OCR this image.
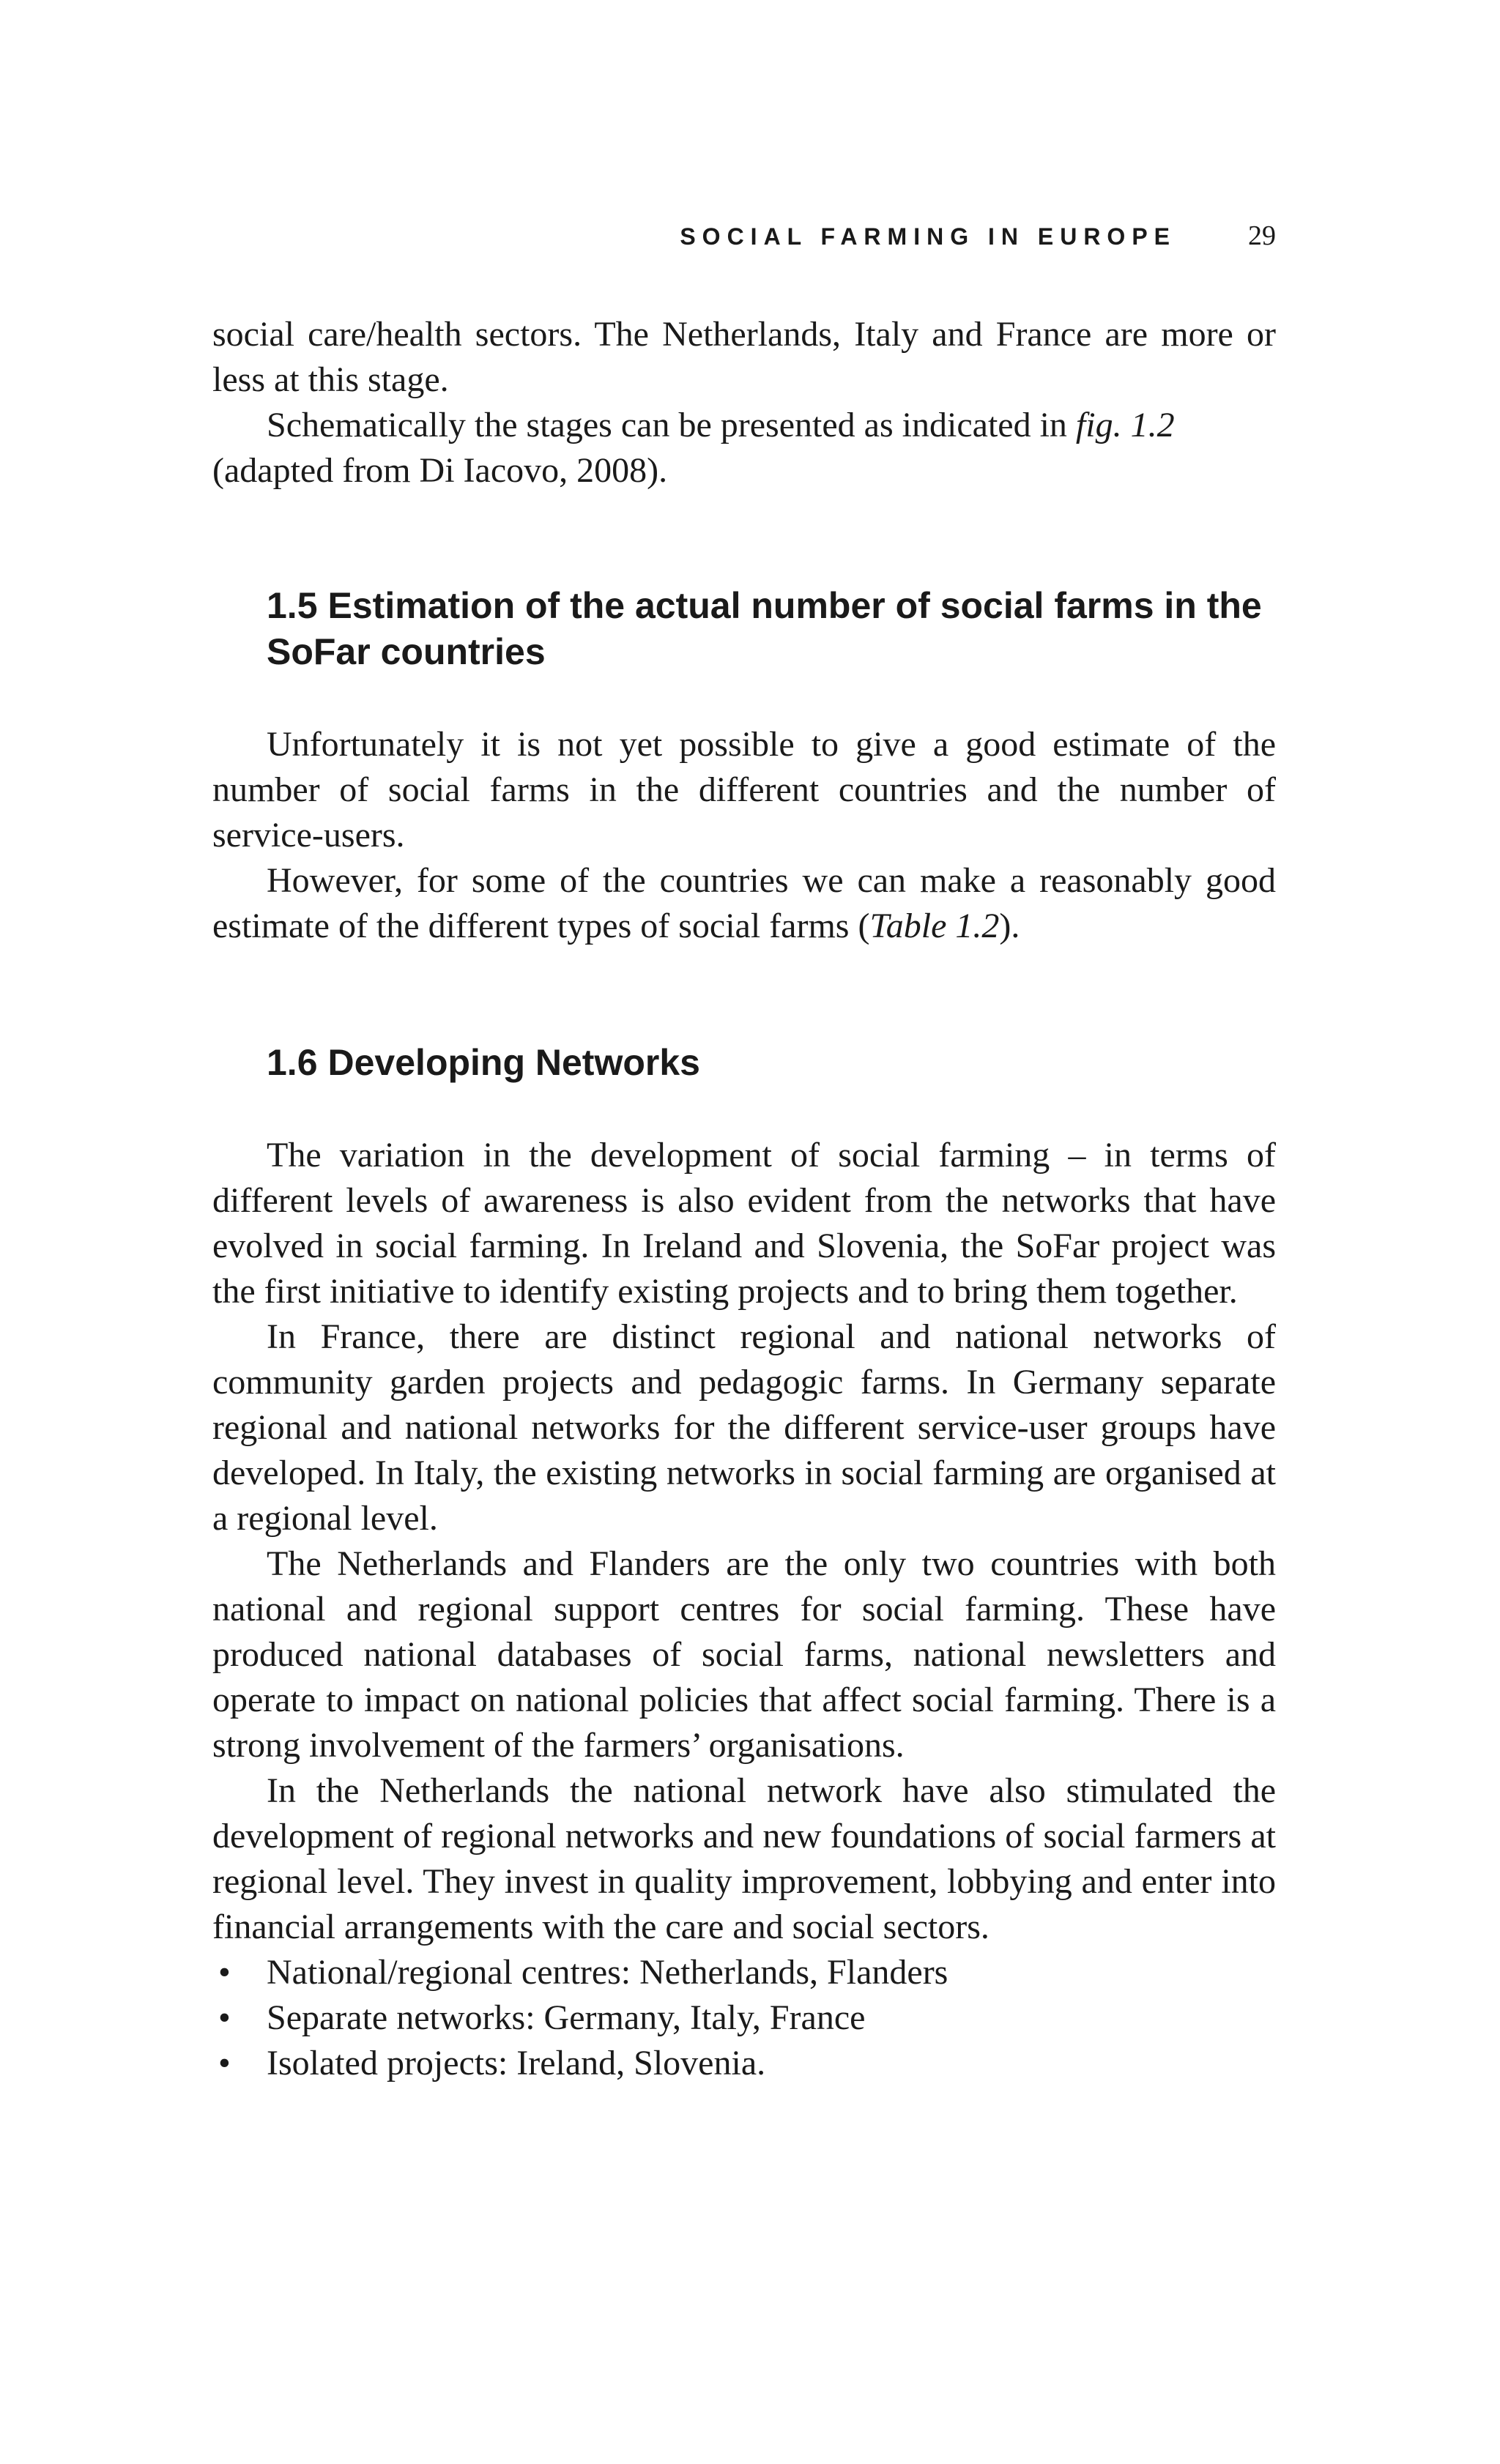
SOCIAL FARMING IN EUROPE	29

social care/health sectors. The Netherlands, Italy and France are more or less at this stage.

Schematically the stages can be presented as indicated in fig. 1.2
(adapted from Di Iacovo, 2008).

1.5 Estimation of the actual number of social farms in the SoFar countries

Unfortunately it is not yet possible to give a good estimate of the number of social farms in the different countries and the number of service-users.

However, for some of the countries we can make a reasonably good estimate of the different types of social farms (Table 1.2).

1.6 Developing Networks

The variation in the development of social farming – in terms of different levels of awareness is also evident from the networks that have evolved in social farming. In Ireland and Slovenia, the SoFar project was the first initiative to identify existing projects and to bring them together.

In France, there are distinct regional and national networks of community garden projects and pedagogic farms. In Germany separate regional and national networks for the different service-user groups have developed. In Italy, the existing networks in social farming are organised at a regional level.

The Netherlands and Flanders are the only two countries with both national and regional support centres for social farming. These have produced national databases of social farms, national newsletters and operate to impact on national policies that affect social farming. There is a strong involvement of the farmers’ organisations.

In the Netherlands the national network have also stimulated the development of regional networks and new foundations of social farmers at regional level. They invest in quality improvement, lobbying and enter into financial arrangements with the care and social sectors.

• National/regional centres: Netherlands, Flanders
• Separate networks: Germany, Italy, France
• Isolated projects: Ireland, Slovenia.
